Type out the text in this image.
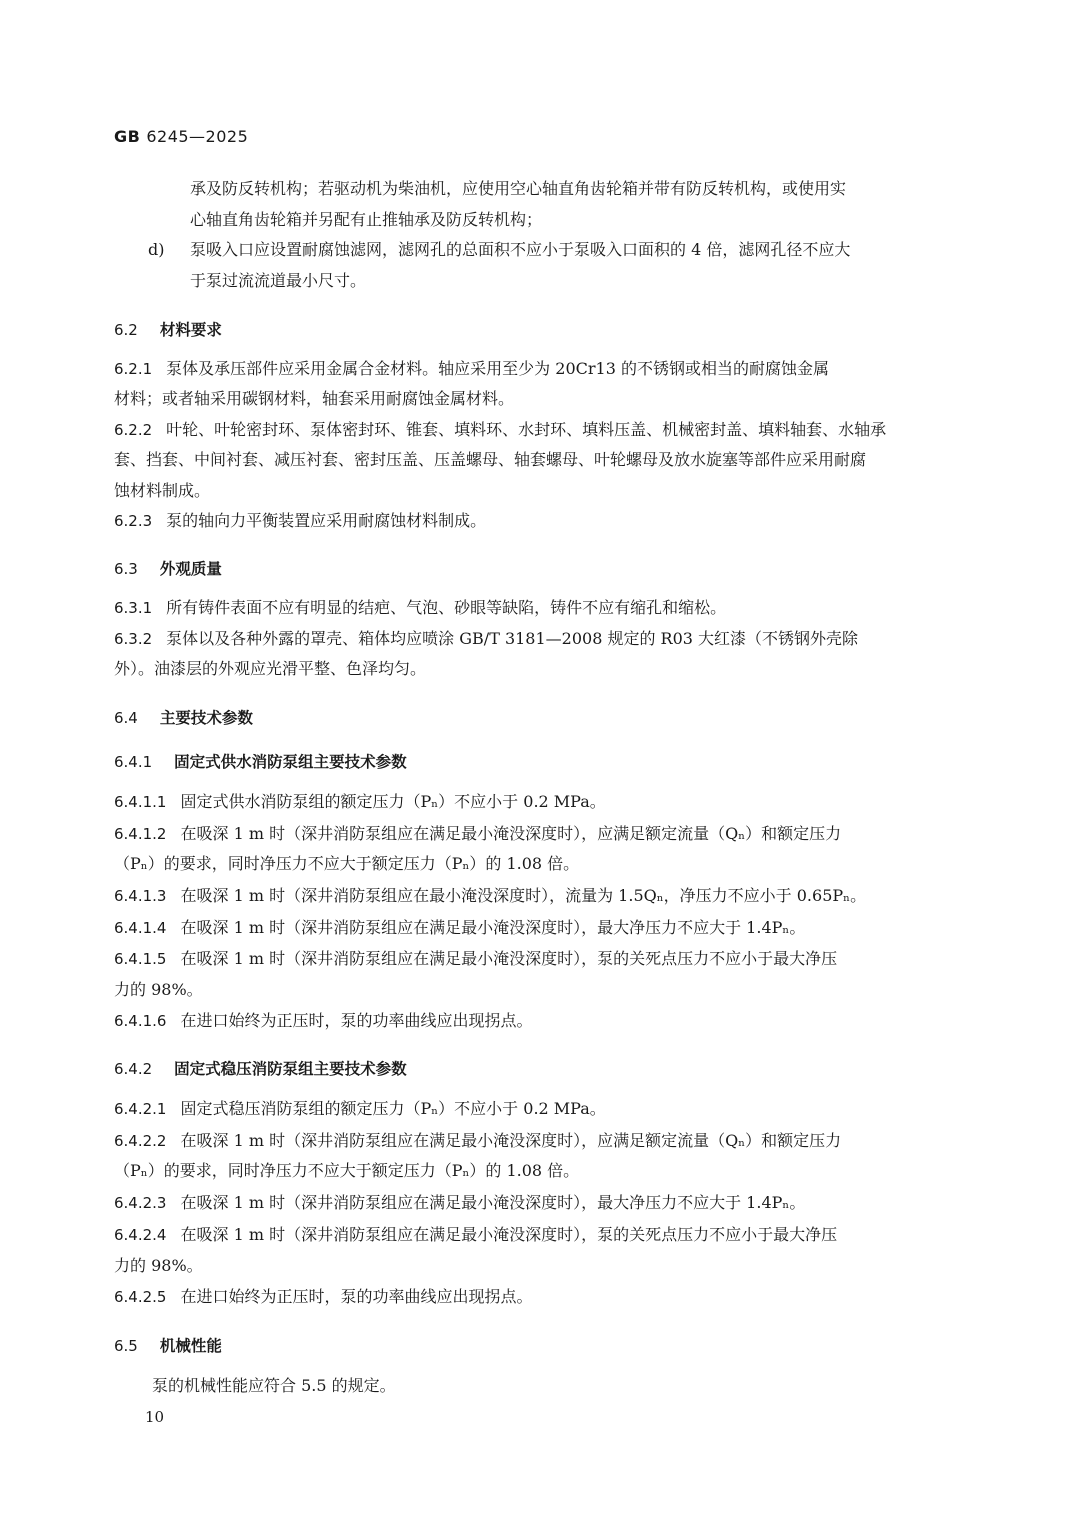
GB 6245—2025
承及防反转机构；若驱动机为柴油机，应使用空心轴直角齿轮箱并带有防反转机构，或使用实
心轴直角齿轮箱并另配有止推轴承及防反转机构；
d) 泵吸入口应设置耐腐蚀滤网，滤网孔的总面积不应小于泵吸入口面积的 4 倍，滤网孔径不应大
于泵过流流道最小尺寸。
6.2 材料要求
6.2.1 泵体及承压部件应采用金属合金材料。轴应采用至少为 20Cr13 的不锈钢或相当的耐腐蚀金属
材料；或者轴采用碳钢材料，轴套采用耐腐蚀金属材料。
6.2.2 叶轮、叶轮密封环、泵体密封环、锥套、填料环、水封环、填料压盖、机械密封盖、填料轴套、水轴承
套、挡套、中间衬套、减压衬套、密封压盖、压盖螺母、轴套螺母、叶轮螺母及放水旋塞等部件应采用耐腐
蚀材料制成。
6.2.3 泵的轴向力平衡装置应采用耐腐蚀材料制成。
6.3 外观质量
6.3.1 所有铸件表面不应有明显的结疤、气泡、砂眼等缺陷，铸件不应有缩孔和缩松。
6.3.2 泵体以及各种外露的罩壳、箱体均应喷涂 GB/T 3181—2008 规定的 R03 大红漆（不锈钢外壳除
外）。油漆层的外观应光滑平整、色泽均匀。
6.4 主要技术参数
6.4.1 固定式供水消防泵组主要技术参数
6.4.1.1 固定式供水消防泵组的额定压力（Pₙ）不应小于 0.2 MPa。
6.4.1.2 在吸深 1 m 时（深井消防泵组应在满足最小淹没深度时），应满足额定流量（Qₙ）和额定压力
（Pₙ）的要求，同时净压力不应大于额定压力（Pₙ）的 1.08 倍。
6.4.1.3 在吸深 1 m 时（深井消防泵组应在最小淹没深度时），流量为 1.5Qₙ，净压力不应小于 0.65Pₙ。
6.4.1.4 在吸深 1 m 时（深井消防泵组应在满足最小淹没深度时），最大净压力不应大于 1.4Pₙ。
6.4.1.5 在吸深 1 m 时（深井消防泵组应在满足最小淹没深度时），泵的关死点压力不应小于最大净压
力的 98%。
6.4.1.6 在进口始终为正压时，泵的功率曲线应出现拐点。
6.4.2 固定式稳压消防泵组主要技术参数
6.4.2.1 固定式稳压消防泵组的额定压力（Pₙ）不应小于 0.2 MPa。
6.4.2.2 在吸深 1 m 时（深井消防泵组应在满足最小淹没深度时），应满足额定流量（Qₙ）和额定压力
（Pₙ）的要求，同时净压力不应大于额定压力（Pₙ）的 1.08 倍。
6.4.2.3 在吸深 1 m 时（深井消防泵组应在满足最小淹没深度时），最大净压力不应大于 1.4Pₙ。
6.4.2.4 在吸深 1 m 时（深井消防泵组应在满足最小淹没深度时），泵的关死点压力不应小于最大净压
力的 98%。
6.4.2.5 在进口始终为正压时，泵的功率曲线应出现拐点。
6.5 机械性能
泵的机械性能应符合 5.5 的规定。
10
